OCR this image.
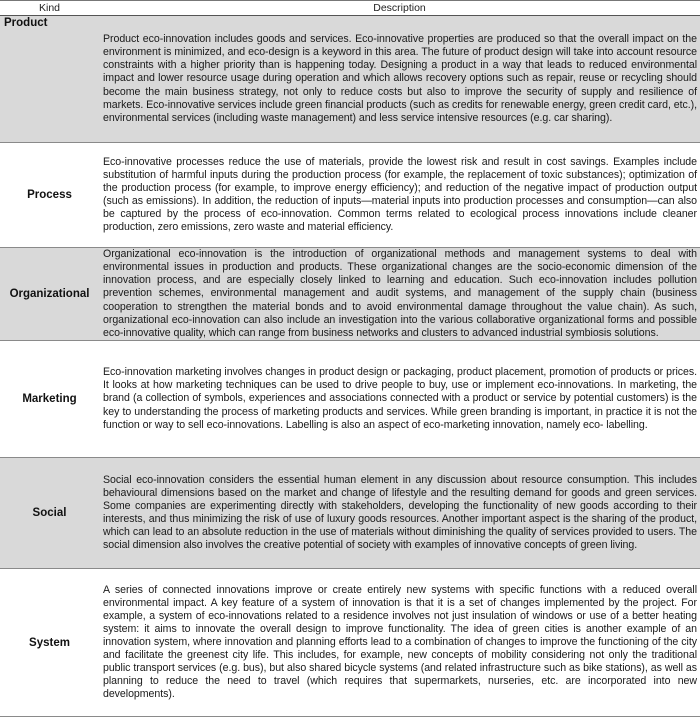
Kind	Description
Product	Product eco-innovation includes goods and services. Eco-innovative properties are produced so that the overall impact on the environment is minimized, and eco-design is a keyword in this area. The future of product design will take into account resource constraints with a higher priority than is happening today. Designing a product in a way that leads to reduced environmental impact and lower resource usage during operation and which allows recovery options such as repair, reuse or recycling should become the main business strategy, not only to reduce costs but also to improve the security of supply and resilience of markets. Eco-innovative services include green financial products (such as credits for renewable energy, green credit card, etc.), environmental services (including waste management) and less service intensive resources (e.g. car sharing).
Process	Eco-innovative processes reduce the use of materials, provide the lowest risk and result in cost savings. Examples include substitution of harmful inputs during the production process (for example, the replacement of toxic substances); optimization of the production process (for example, to improve energy efficiency); and reduction of the negative impact of production output (such as emissions). In addition, the reduction of inputs—material inputs into production processes and consumption—can also be captured by the process of eco-innovation. Common terms related to ecological process innovations include cleaner production, zero emissions, zero waste and material efficiency.
Organizational	Organizational eco-innovation is the introduction of organizational methods and management systems to deal with environmental issues in production and products. These organizational changes are the socio-economic dimension of the innovation process, and are especially closely linked to learning and education. Such eco-innovation includes pollution prevention schemes, environmental management and audit systems, and management of the supply chain (business cooperation to strengthen the material bonds and to avoid environmental damage throughout the value chain). As such, organizational eco-innovation can also include an investigation into the various collaborative organizational forms and possible eco-innovative quality, which can range from business networks and clusters to advanced industrial symbiosis solutions.
Marketing	Eco-innovation marketing involves changes in product design or packaging, product placement, promotion of products or prices. It looks at how marketing techniques can be used to drive people to buy, use or implement eco-innovations. In marketing, the brand (a collection of symbols, experiences and associations connected with a product or service by potential customers) is the key to understanding the process of marketing products and services. While green branding is important, in practice it is not the function or way to sell eco-innovations. Labelling is also an aspect of eco-marketing innovation, namely eco- labelling.
Social	Social eco-innovation considers the essential human element in any discussion about resource consumption. This includes behavioural dimensions based on the market and change of lifestyle and the resulting demand for goods and green services. Some companies are experimenting directly with stakeholders, developing the functionality of new goods according to their interests, and thus minimizing the risk of use of luxury goods resources. Another important aspect is the sharing of the product, which can lead to an absolute reduction in the use of materials without diminishing the quality of services provided to users. The social dimension also involves the creative potential of society with examples of innovative concepts of green living.
System	A series of connected innovations improve or create entirely new systems with specific functions with a reduced overall environmental impact. A key feature of a system of innovation is that it is a set of changes implemented by the project. For example, a system of eco-innovations related to a residence involves not just insulation of windows or use of a better heating system: it aims to innovate the overall design to improve functionality. The idea of green cities is another example of an innovation system, where innovation and planning efforts lead to a combination of changes to improve the functioning of the city and facilitate the greenest city life. This includes, for example, new concepts of mobility considering not only the traditional public transport services (e.g. bus), but also shared bicycle systems (and related infrastructure such as bike stations), as well as planning to reduce the need to travel (which requires that supermarkets, nurseries, etc. are incorporated into new developments).
